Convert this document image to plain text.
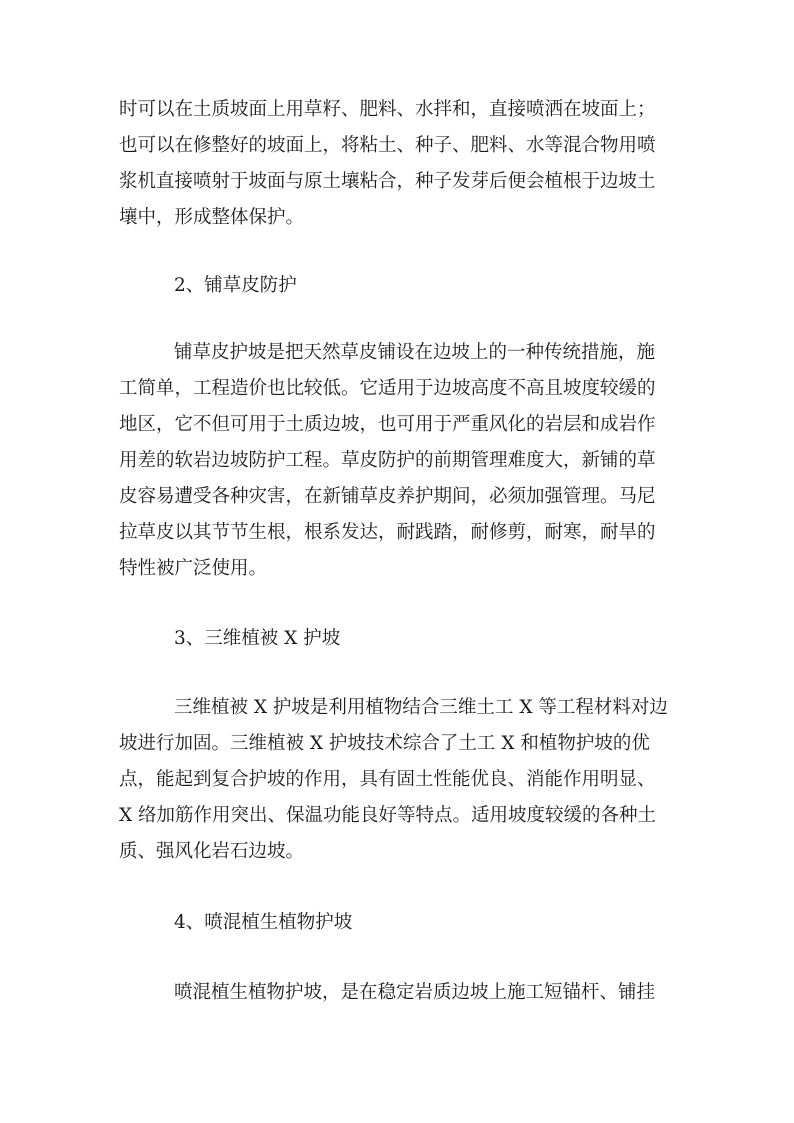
时可以在土质坡面上用草籽、肥料、水拌和，直接喷洒在坡面上；
也可以在修整好的坡面上，将粘土、种子、肥料、水等混合物用喷
浆机直接喷射于坡面与原土壤粘合，种子发芽后便会植根于边坡土
壤中，形成整体保护。
2、铺草皮防护
铺草皮护坡是把天然草皮铺设在边坡上的一种传统措施，施
工简单，工程造价也比较低。它适用于边坡高度不高且坡度较缓的
地区，它不但可用于土质边坡，也可用于严重风化的岩层和成岩作
用差的软岩边坡防护工程。草皮防护的前期管理难度大，新铺的草
皮容易遭受各种灾害，在新铺草皮养护期间，必须加强管理。马尼
拉草皮以其节节生根，根系发达，耐践踏，耐修剪，耐寒，耐旱的
特性被广泛使用。
3、三维植被 X 护坡
三维植被 X 护坡是利用植物结合三维土工 X 等工程材料对边
坡进行加固。三维植被 X 护坡技术综合了土工 X 和植物护坡的优
点，能起到复合护坡的作用，具有固土性能优良、消能作用明显、
X 络加筋作用突出、保温功能良好等特点。适用坡度较缓的各种土
质、强风化岩石边坡。
4、喷混植生植物护坡
喷混植生植物护坡，是在稳定岩质边坡上施工短锚杆、铺挂
